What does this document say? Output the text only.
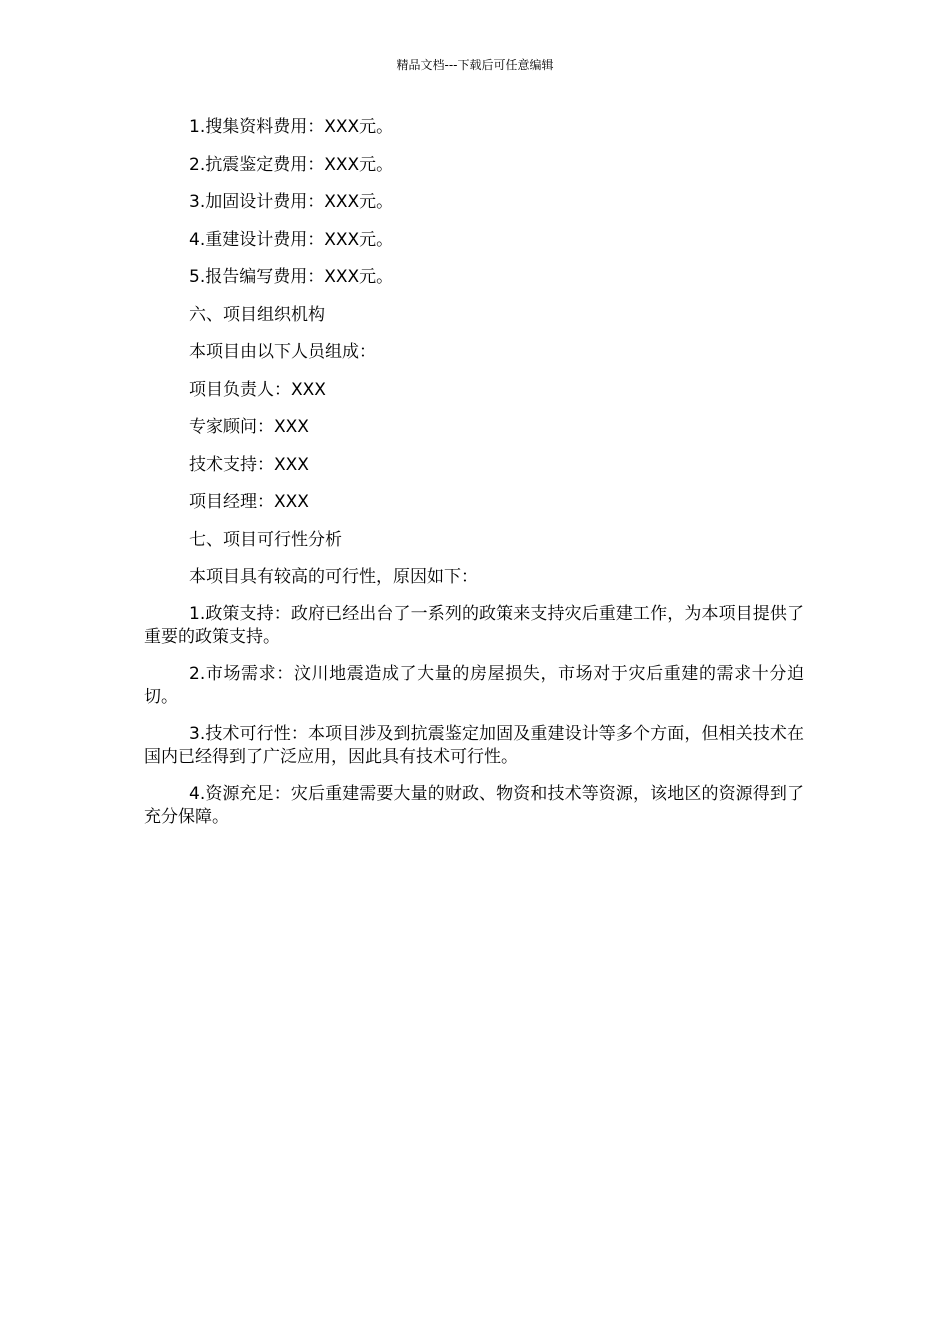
精品文档---下载后可任意编辑

1.搜集资料费用：XXX元。

2.抗震鉴定费用：XXX元。

3.加固设计费用：XXX元。

4.重建设计费用：XXX元。

5.报告编写费用：XXX元。

六、项目组织机构

本项目由以下人员组成：

项目负责人：XXX

专家顾问：XXX

技术支持：XXX

项目经理：XXX

七、项目可行性分析

本项目具有较高的可行性，原因如下：

1.政策支持：政府已经出台了一系列的政策来支持灾后重建工作，为本项目提供了重要的政策支持。

2.市场需求：汶川地震造成了大量的房屋损失，市场对于灾后重建的需求十分迫切。

3.技术可行性：本项目涉及到抗震鉴定加固及重建设计等多个方面，但相关技术在国内已经得到了广泛应用，因此具有技术可行性。

4.资源充足：灾后重建需要大量的财政、物资和技术等资源，该地区的资源得到了充分保障。
